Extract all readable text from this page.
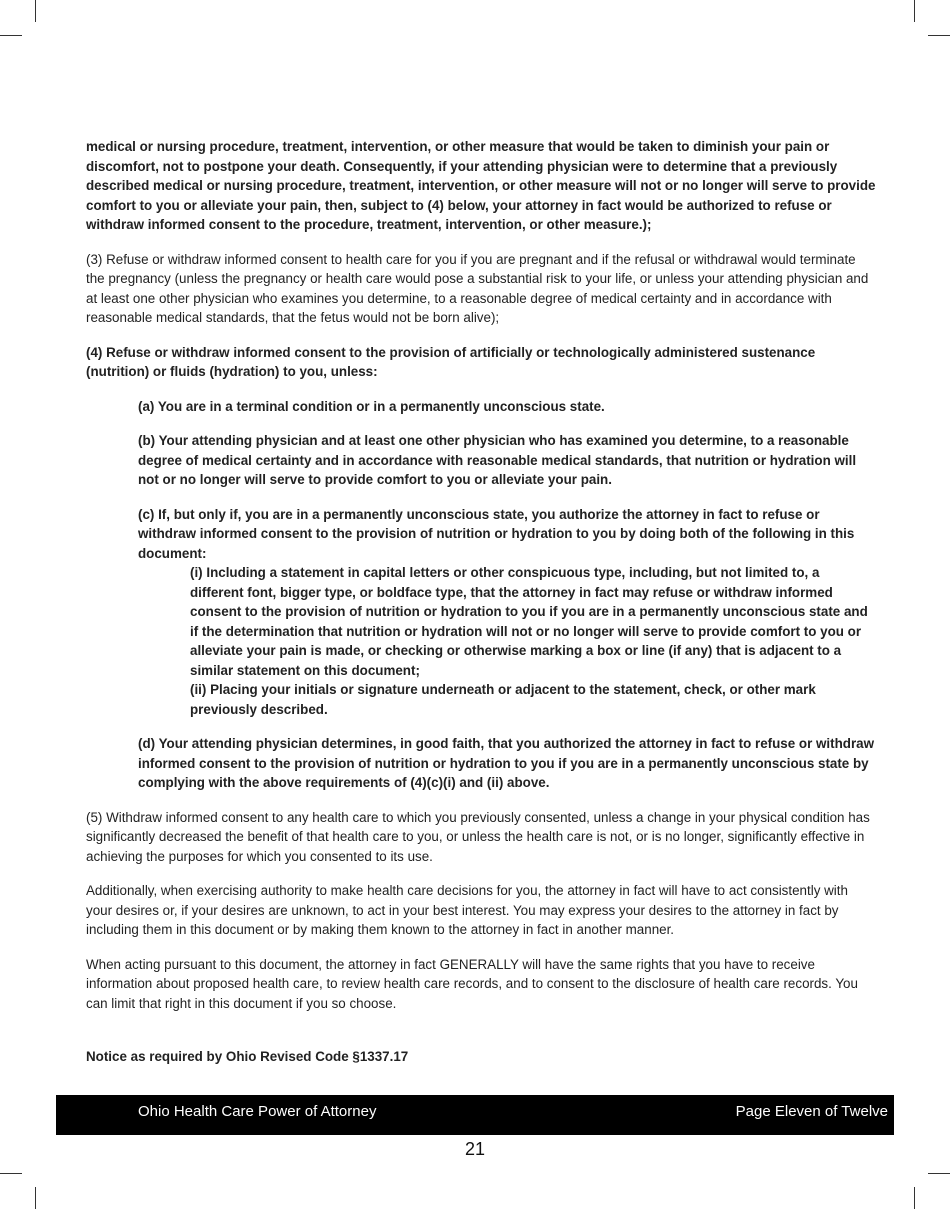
medical or nursing procedure, treatment, intervention, or other measure that would be taken to diminish your pain or discomfort, not to postpone your death. Consequently, if your attending physician were to determine that a previously described medical or nursing procedure, treatment, intervention, or other measure will not or no longer will serve to provide comfort to you or alleviate your pain, then, subject to (4) below, your attorney in fact would be authorized to refuse or withdraw informed consent to the procedure, treatment, intervention, or other measure.);

(3) Refuse or withdraw informed consent to health care for you if you are pregnant and if the refusal or withdrawal would terminate the pregnancy (unless the pregnancy or health care would pose a substantial risk to your life, or unless your attending physician and at least one other physician who examines you determine, to a reasonable degree of medical certainty and in accordance with reasonable medical standards, that the fetus would not be born alive);

(4) Refuse or withdraw informed consent to the provision of artificially or technologically administered sustenance (nutrition) or fluids (hydration) to you, unless:

(a) You are in a terminal condition or in a permanently unconscious state.

(b) Your attending physician and at least one other physician who has examined you determine, to a reasonable degree of medical certainty and in accordance with reasonable medical standards, that nutrition or hydration will not or no longer will serve to provide comfort to you or alleviate your pain.

(c) If, but only if, you are in a permanently unconscious state, you authorize the attorney in fact to refuse or withdraw informed consent to the provision of nutrition or hydration to you by doing both of the following in this document:

(i) Including a statement in capital letters or other conspicuous type, including, but not limited to, a different font, bigger type, or boldface type, that the attorney in fact may refuse or withdraw informed consent to the provision of nutrition or hydration to you if you are in a permanently unconscious state and if the determination that nutrition or hydration will not or no longer will serve to provide comfort to you or alleviate your pain is made, or checking or otherwise marking a box or line (if any) that is adjacent to a similar statement on this document;

(ii) Placing your initials or signature underneath or adjacent to the statement, check, or other mark previously described.

(d) Your attending physician determines, in good faith, that you authorized the attorney in fact to refuse or withdraw informed consent to the provision of nutrition or hydration to you if you are in a permanently unconscious state by complying with the above requirements of (4)(c)(i) and (ii) above.

(5) Withdraw informed consent to any health care to which you previously consented, unless a change in your physical condition has significantly decreased the benefit of that health care to you, or unless the health care is not, or is no longer, significantly effective in achieving the purposes for which you consented to its use.

Additionally, when exercising authority to make health care decisions for you, the attorney in fact will have to act consistently with your desires or, if your desires are unknown, to act in your best interest. You may express your desires to the attorney in fact by including them in this document or by making them known to the attorney in fact in another manner.

When acting pursuant to this document, the attorney in fact GENERALLY will have the same rights that you have to receive information about proposed health care, to review health care records, and to consent to the disclosure of health care records. You can limit that right in this document if you so choose.

Notice as required by Ohio Revised Code §1337.17
Ohio Health Care Power of Attorney	Page Eleven of Twelve
21
